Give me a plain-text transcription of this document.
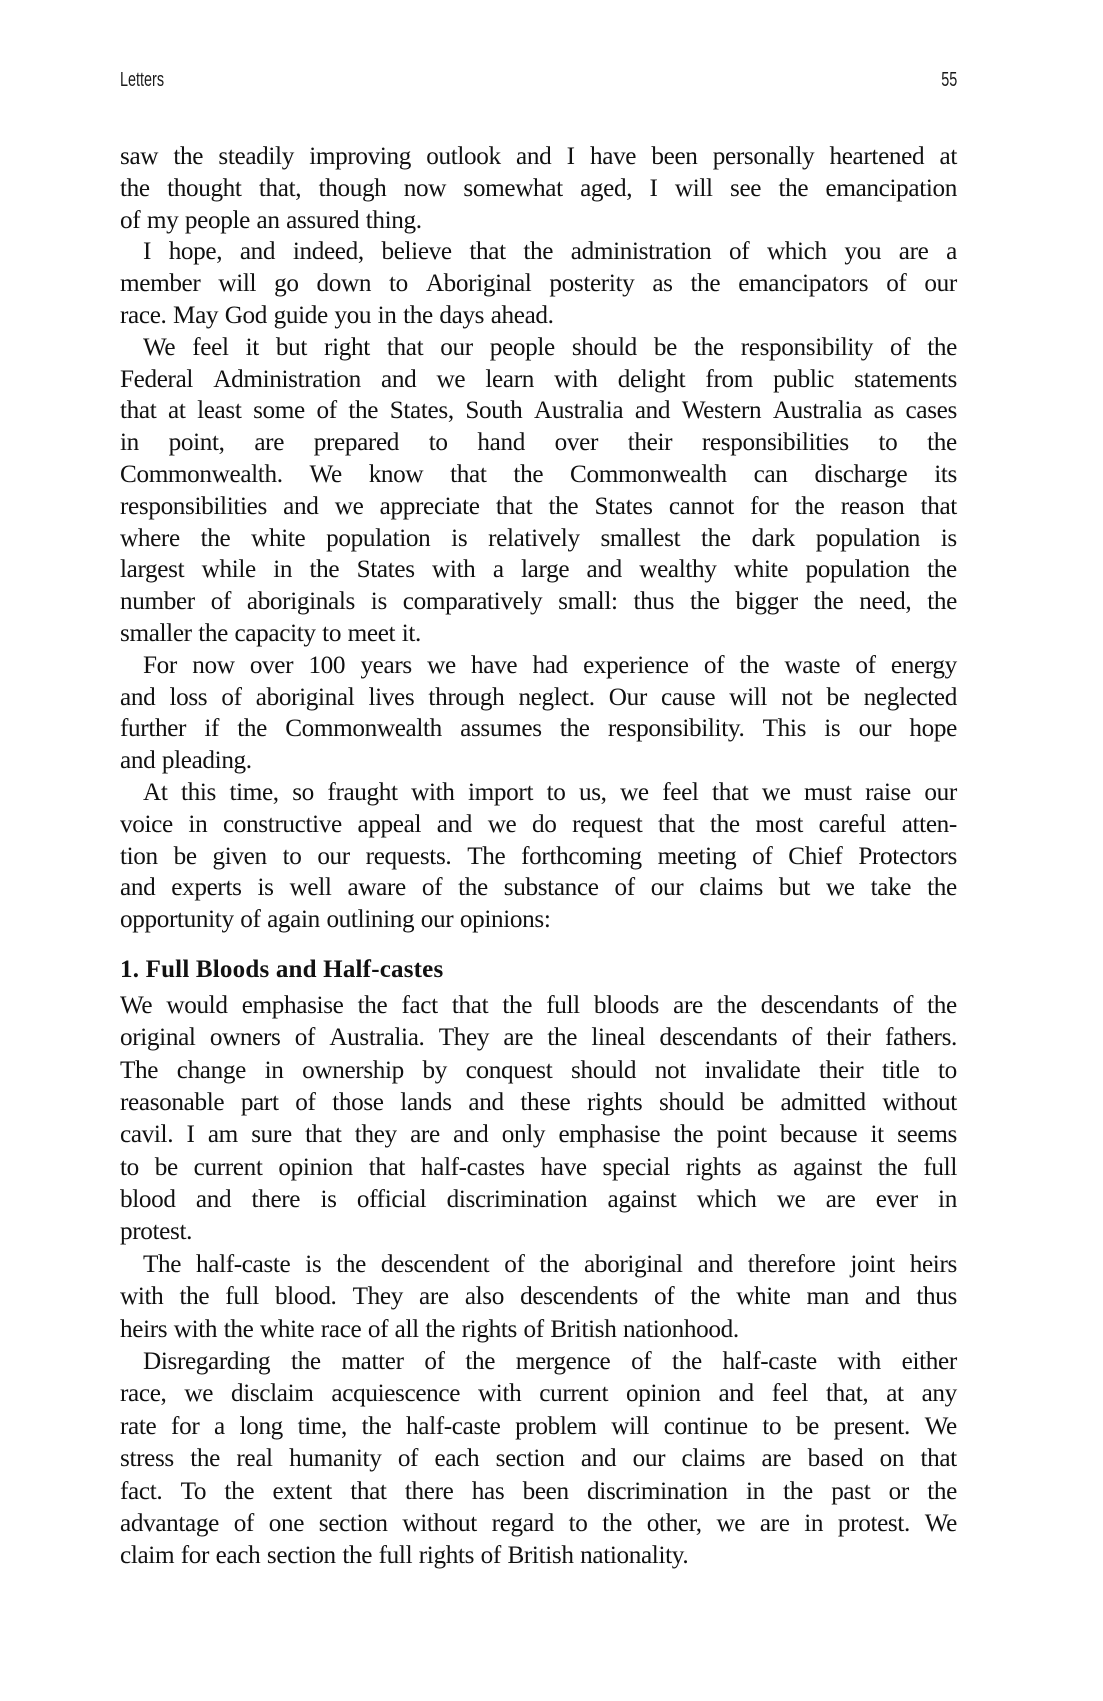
Letters	55
saw the steadily improving outlook and I have been personally heartened at
the thought that, though now somewhat aged, I will see the emancipation
of my people an assured thing.
I hope, and indeed, believe that the administration of which you are a
member will go down to Aboriginal posterity as the emancipators of our
race. May God guide you in the days ahead.
We feel it but right that our people should be the responsibility of the
Federal Administration and we learn with delight from public statements
that at least some of the States, South Australia and Western Australia as cases
in point, are prepared to hand over their responsibilities to the
Commonwealth. We know that the Commonwealth can discharge its
responsibilities and we appreciate that the States cannot for the reason that
where the white population is relatively smallest the dark population is
largest while in the States with a large and wealthy white population the
number of aboriginals is comparatively small: thus the bigger the need, the
smaller the capacity to meet it.
For now over 100 years we have had experience of the waste of energy
and loss of aboriginal lives through neglect. Our cause will not be neglected
further if the Commonwealth assumes the responsibility. This is our hope
and pleading.
At this time, so fraught with import to us, we feel that we must raise our
voice in constructive appeal and we do request that the most careful atten-
tion be given to our requests. The forthcoming meeting of Chief Protectors
and experts is well aware of the substance of our claims but we take the
opportunity of again outlining our opinions:
1. Full Bloods and Half-castes
We would emphasise the fact that the full bloods are the descendants of the
original owners of Australia. They are the lineal descendants of their fathers.
The change in ownership by conquest should not invalidate their title to
reasonable part of those lands and these rights should be admitted without
cavil. I am sure that they are and only emphasise the point because it seems
to be current opinion that half-castes have special rights as against the full
blood and there is official discrimination against which we are ever in
protest.
The half-caste is the descendent of the aboriginal and therefore joint heirs
with the full blood. They are also descendents of the white man and thus
heirs with the white race of all the rights of British nationhood.
Disregarding the matter of the mergence of the half-caste with either
race, we disclaim acquiescence with current opinion and feel that, at any
rate for a long time, the half-caste problem will continue to be present. We
stress the real humanity of each section and our claims are based on that
fact. To the extent that there has been discrimination in the past or the
advantage of one section without regard to the other, we are in protest. We
claim for each section the full rights of British nationality.
